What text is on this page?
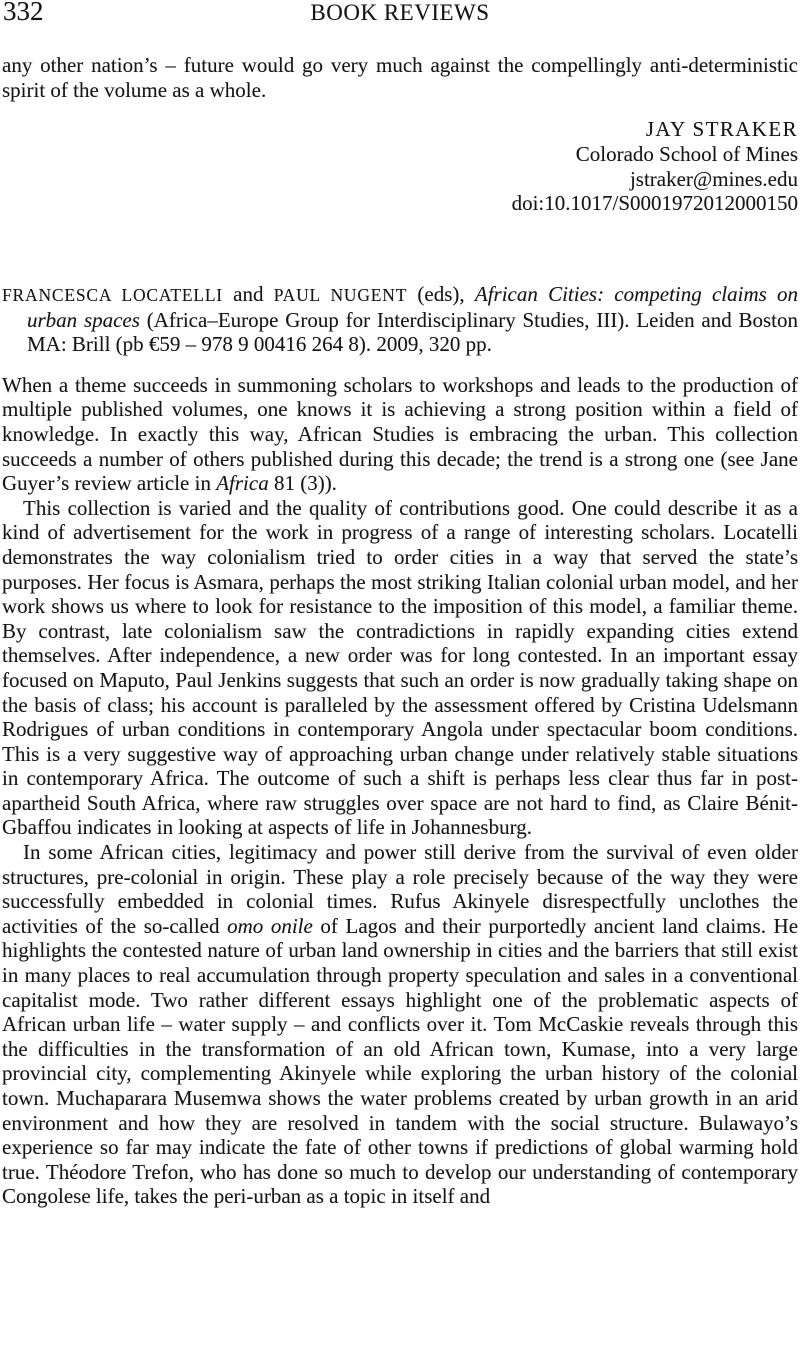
332	BOOK REVIEWS

any other nation’s – future would go very much against the compellingly anti-deterministic spirit of the volume as a whole.

JAY STRAKER
Colorado School of Mines
jstraker@mines.edu
doi:10.1017/S0001972012000150

FRANCESCA LOCATELLI and PAUL NUGENT (eds), African Cities: competing claims on urban spaces (Africa–Europe Group for Interdisciplinary Studies, III). Leiden and Boston MA: Brill (pb €59 – 978 9 00416 264 8). 2009, 320 pp.

When a theme succeeds in summoning scholars to workshops and leads to the production of multiple published volumes, one knows it is achieving a strong position within a field of knowledge. In exactly this way, African Studies is embracing the urban. This collection succeeds a number of others published during this decade; the trend is a strong one (see Jane Guyer’s review article in Africa 81 (3)).

This collection is varied and the quality of contributions good. One could describe it as a kind of advertisement for the work in progress of a range of interesting scholars. Locatelli demonstrates the way colonialism tried to order cities in a way that served the state’s purposes. Her focus is Asmara, perhaps the most striking Italian colonial urban model, and her work shows us where to look for resistance to the imposition of this model, a familiar theme. By contrast, late colonialism saw the contradictions in rapidly expanding cities extend themselves. After independence, a new order was for long contested. In an important essay focused on Maputo, Paul Jenkins suggests that such an order is now gradually taking shape on the basis of class; his account is paralleled by the assessment offered by Cristina Udelsmann Rodrigues of urban conditions in contemporary Angola under spectacular boom conditions. This is a very suggestive way of approaching urban change under relatively stable situations in contemporary Africa. The outcome of such a shift is perhaps less clear thus far in post-apartheid South Africa, where raw struggles over space are not hard to find, as Claire Bénit-Gbaffou indicates in looking at aspects of life in Johannesburg.

In some African cities, legitimacy and power still derive from the survival of even older structures, pre-colonial in origin. These play a role precisely because of the way they were successfully embedded in colonial times. Rufus Akinyele disrespectfully unclothes the activities of the so-called omo onile of Lagos and their purportedly ancient land claims. He highlights the contested nature of urban land ownership in cities and the barriers that still exist in many places to real accumulation through property speculation and sales in a conventional capitalist mode. Two rather different essays highlight one of the problematic aspects of African urban life – water supply – and conflicts over it. Tom McCaskie reveals through this the difficulties in the transformation of an old African town, Kumase, into a very large provincial city, complementing Akinyele while exploring the urban history of the colonial town. Muchaparara Musemwa shows the water problems created by urban growth in an arid environment and how they are resolved in tandem with the social structure. Bulawayo’s experience so far may indicate the fate of other towns if predictions of global warming hold true. Théodore Trefon, who has done so much to develop our understanding of contemporary Congolese life, takes the peri-urban as a topic in itself and
